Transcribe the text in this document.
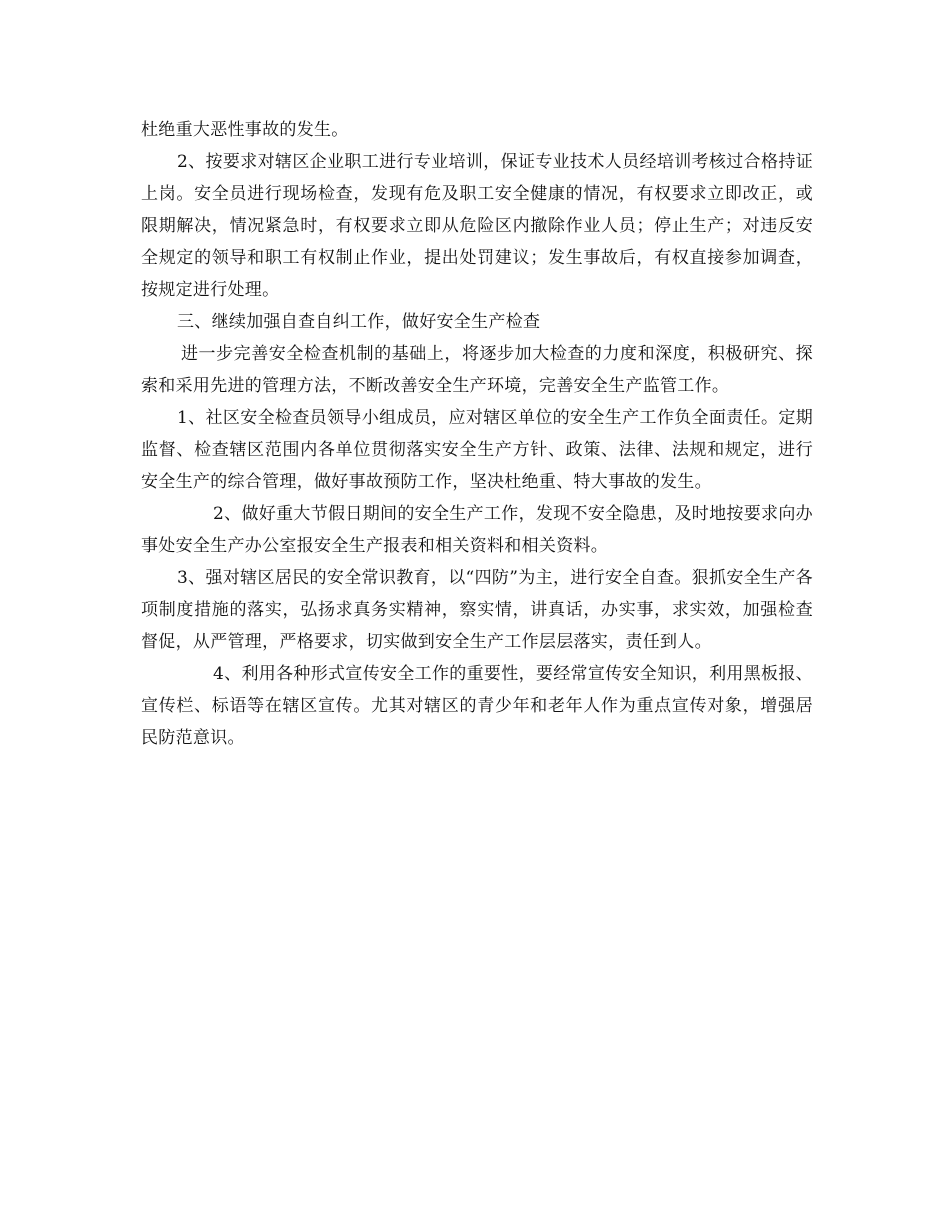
杜绝重大恶性事故的发生。

2、按要求对辖区企业职工进行专业培训，保证专业技术人员经培训考核过合格持证上岗。安全员进行现场检查，发现有危及职工安全健康的情况，有权要求立即改正，或限期解决，情况紧急时，有权要求立即从危险区内撤除作业人员；停止生产；对违反安全规定的领导和职工有权制止作业，提出处罚建议；发生事故后，有权直接参加调查，按规定进行处理。

三、继续加强自查自纠工作，做好安全生产检查

进一步完善安全检查机制的基础上，将逐步加大检查的力度和深度，积极研究、探索和采用先进的管理方法，不断改善安全生产环境，完善安全生产监管工作。

1、社区安全检查员领导小组成员，应对辖区单位的安全生产工作负全面责任。定期监督、检查辖区范围内各单位贯彻落实安全生产方针、政策、法律、法规和规定，进行安全生产的综合管理，做好事故预防工作，坚决杜绝重、特大事故的发生。

2、做好重大节假日期间的安全生产工作，发现不安全隐患，及时地按要求向办事处安全生产办公室报安全生产报表和相关资料和相关资料。

3、强对辖区居民的安全常识教育，以“四防”为主，进行安全自查。狠抓安全生产各项制度措施的落实，弘扬求真务实精神，察实情，讲真话，办实事，求实效，加强检查督促，从严管理，严格要求，切实做到安全生产工作层层落实，责任到人。

4、利用各种形式宣传安全工作的重要性，要经常宣传安全知识，利用黑板报、宣传栏、标语等在辖区宣传。尤其对辖区的青少年和老年人作为重点宣传对象，增强居民防范意识。
